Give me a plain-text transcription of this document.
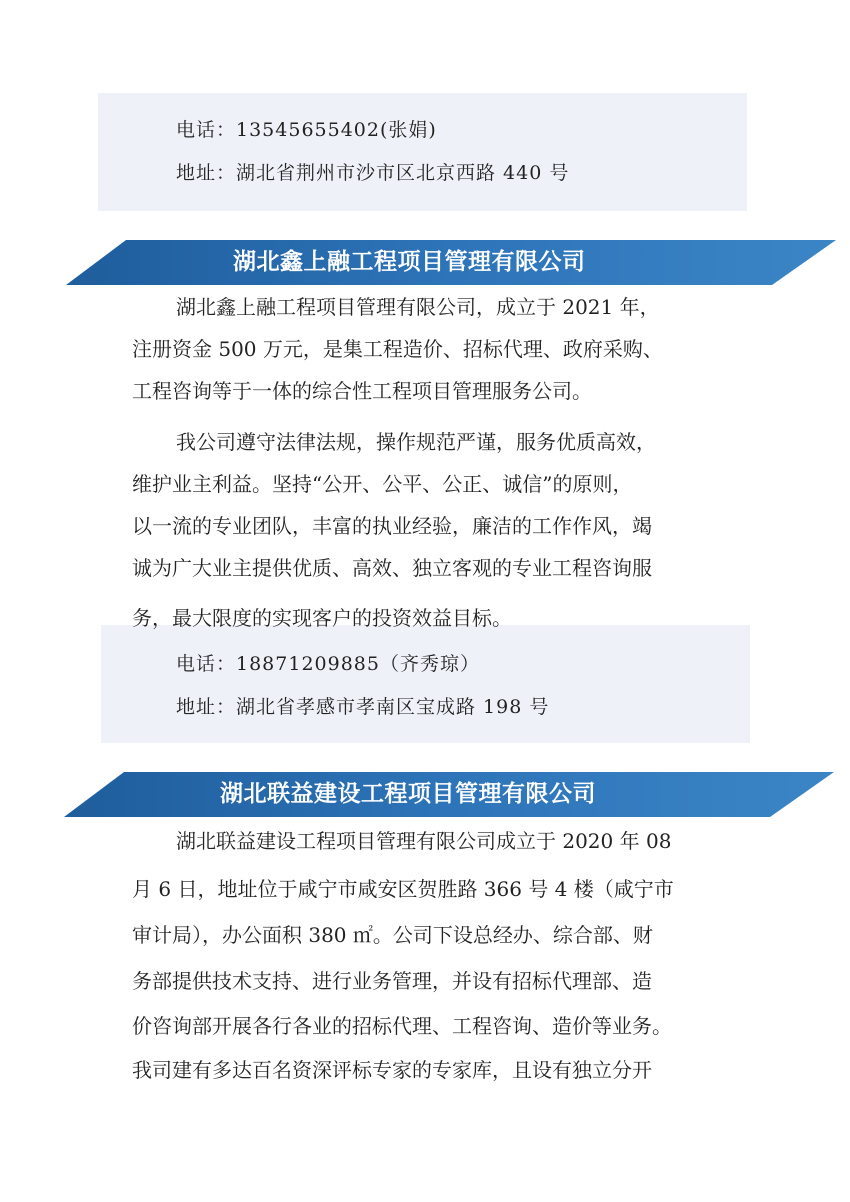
电话：13545655402(张娟)
地址：湖北省荆州市沙市区北京西路 440 号
湖北鑫上融工程项目管理有限公司
湖北鑫上融工程项目管理有限公司，成立于 2021 年，
注册资金 500 万元，是集工程造价、招标代理、政府采购、
工程咨询等于一体的综合性工程项目管理服务公司。
我公司遵守法律法规，操作规范严谨，服务优质高效，
维护业主利益。坚持“公开、公平、公正、诚信”的原则，
以一流的专业团队，丰富的执业经验，廉洁的工作作风，竭
诚为广大业主提供优质、高效、独立客观的专业工程咨询服
务，最大限度的实现客户的投资效益目标。
电话：18871209885（齐秀琼）
地址：湖北省孝感市孝南区宝成路 198 号
湖北联益建设工程项目管理有限公司
湖北联益建设工程项目管理有限公司成立于 2020 年 08
月 6 日，地址位于咸宁市咸安区贺胜路 366 号 4 楼（咸宁市
审计局），办公面积 380 ㎡。公司下设总经办、综合部、财
务部提供技术支持、进行业务管理，并设有招标代理部、造
价咨询部开展各行各业的招标代理、工程咨询、造价等业务。
我司建有多达百名资深评标专家的专家库，且设有独立分开
